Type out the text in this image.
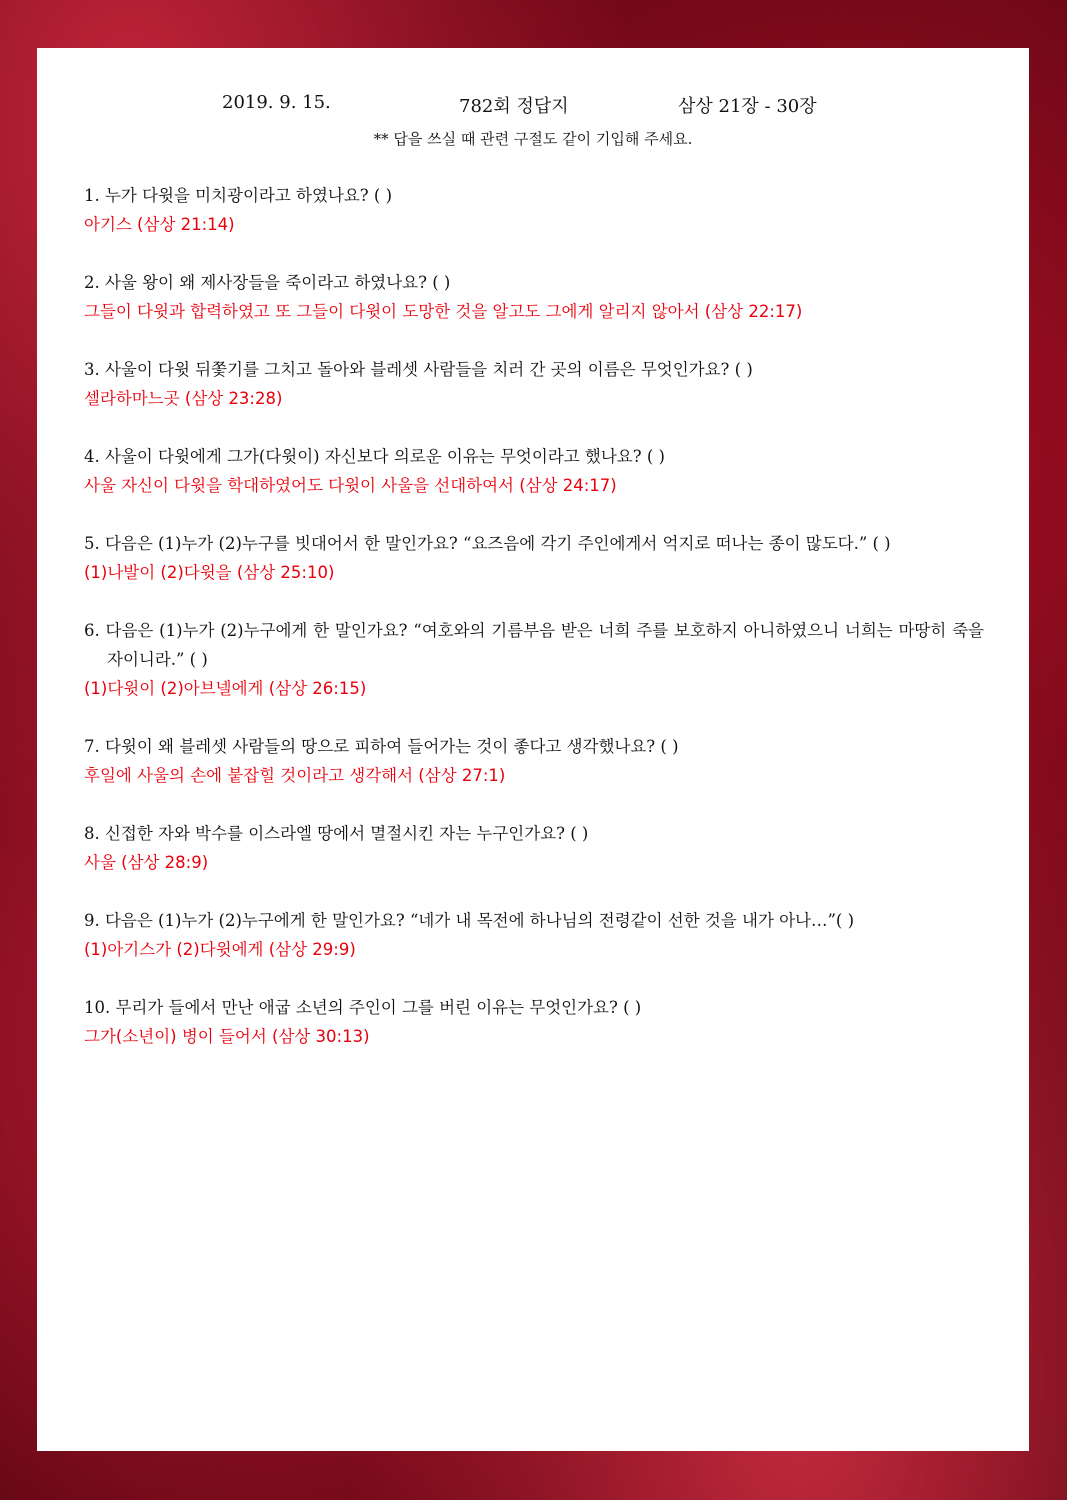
2019. 9. 15.	782회 정답지	삼상 21장 - 30장
** 답을 쓰실 때 관련 구절도 같이 기입해 주세요.
1. 누가 다윗을 미치광이라고 하였나요? ( )
아기스 (삼상 21:14)
2. 사울 왕이 왜 제사장들을 죽이라고 하였나요? ( )
그들이 다윗과 합력하였고 또 그들이 다윗이 도망한 것을 알고도 그에게 알리지 않아서 (삼상 22:17)
3. 사울이 다윗 뒤쫓기를 그치고 돌아와 블레셋 사람들을 치러 간 곳의 이름은 무엇인가요? ( )
셀라하마느곳 (삼상 23:28)
4. 사울이 다윗에게 그가(다윗이) 자신보다 의로운 이유는 무엇이라고 했나요? ( )
사울 자신이 다윗을 학대하였어도 다윗이 사울을 선대하여서 (삼상 24:17)
5. 다음은 (1)누가 (2)누구를 빗대어서 한 말인가요? “요즈음에 각기 주인에게서 억지로 떠나는 종이 많도다.” ( )
(1)나발이 (2)다윗을 (삼상 25:10)
6. 다음은 (1)누가 (2)누구에게 한 말인가요? “여호와의 기름부음 받은 너희 주를 보호하지 아니하였으니 너희는 마땅히 죽을 자이니라.” ( )
(1)다윗이 (2)아브넬에게 (삼상 26:15)
7. 다윗이 왜 블레셋 사람들의 땅으로 피하여 들어가는 것이 좋다고 생각했나요? ( )
후일에 사울의 손에 붙잡힐 것이라고 생각해서 (삼상 27:1)
8. 신접한 자와 박수를 이스라엘 땅에서 멸절시킨 자는 누구인가요? ( )
사울 (삼상 28:9)
9. 다음은 (1)누가 (2)누구에게 한 말인가요? “네가 내 목전에 하나님의 전령같이 선한 것을 내가 아나…”( )
(1)아기스가 (2)다윗에게 (삼상 29:9)
10. 무리가 들에서 만난 애굽 소년의 주인이 그를 버린 이유는 무엇인가요? ( )
그가(소년이) 병이 들어서 (삼상 30:13)
